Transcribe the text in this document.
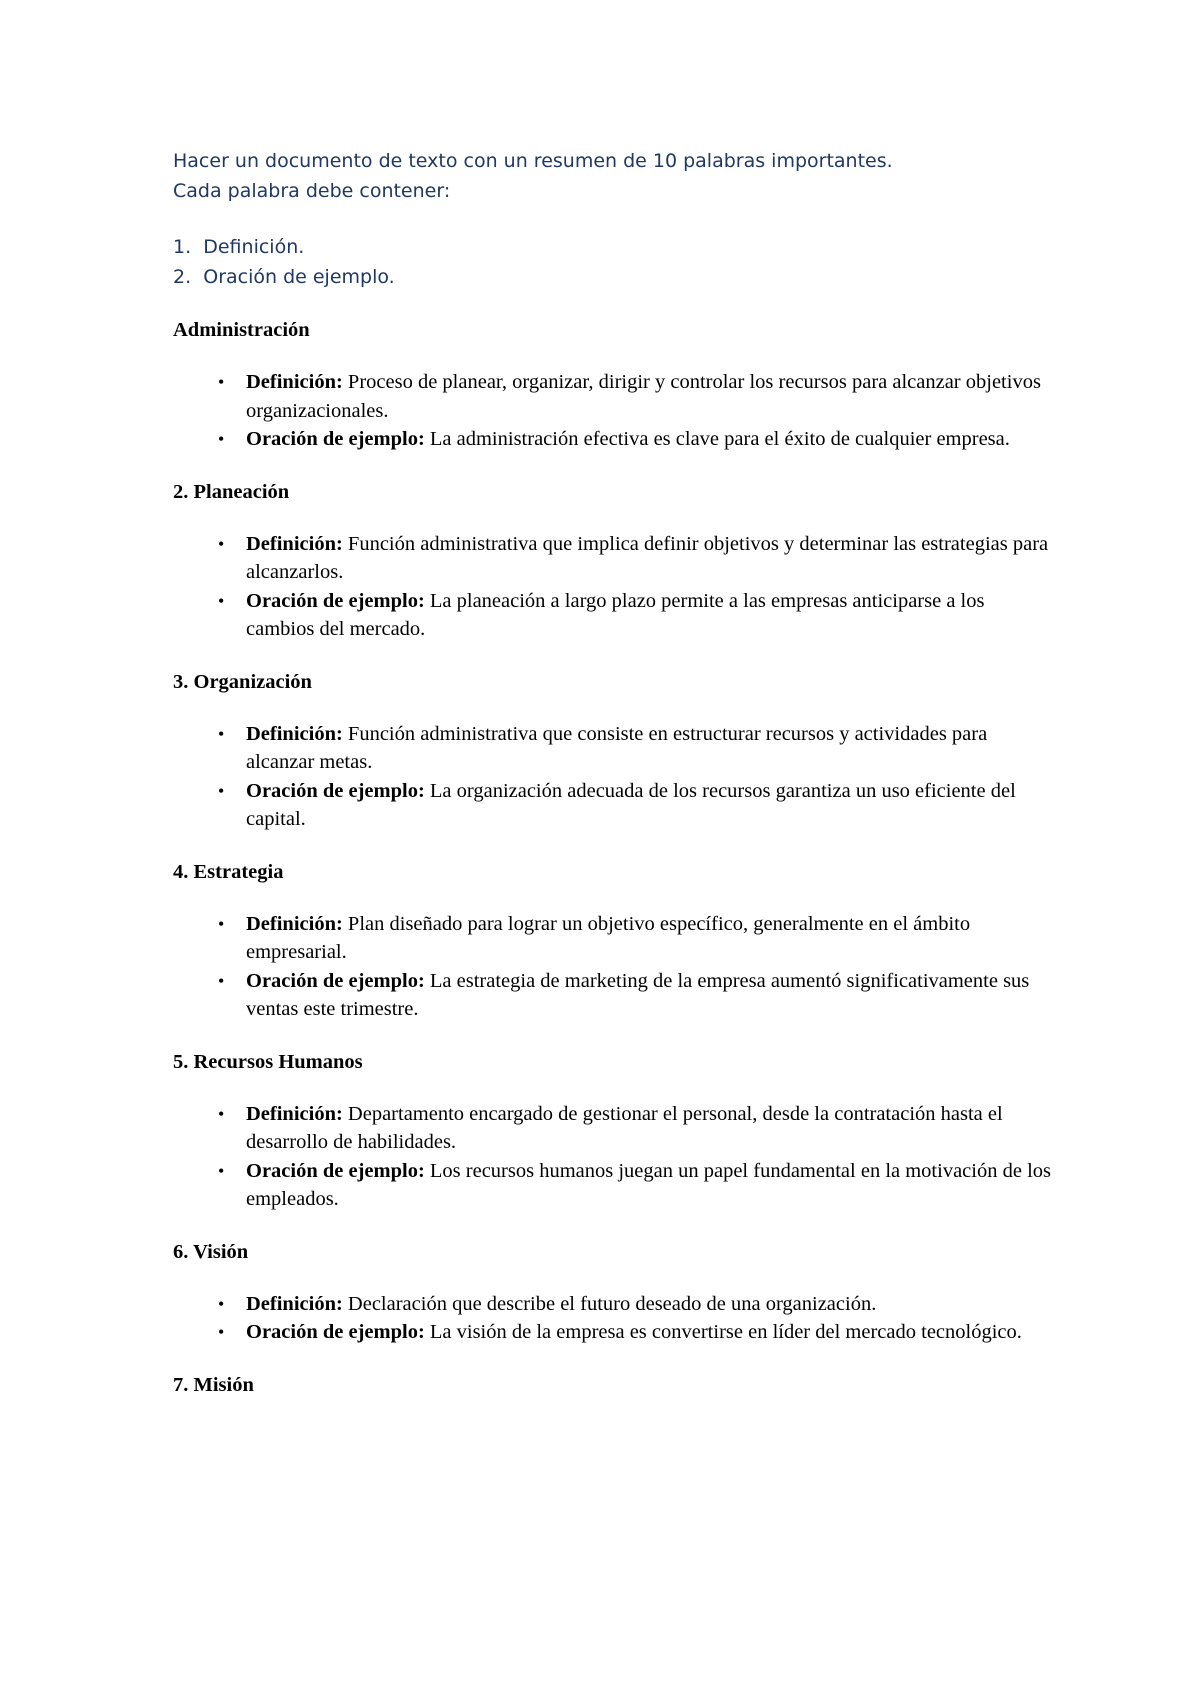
Hacer un documento de texto con un resumen de 10 palabras importantes.

Cada palabra debe contener:

1. Definición.
2. Oración de ejemplo.

Administración

• Definición: Proceso de planear, organizar, dirigir y controlar los recursos para alcanzar objetivos organizacionales.
• Oración de ejemplo: La administración efectiva es clave para el éxito de cualquier empresa.

2. Planeación

• Definición: Función administrativa que implica definir objetivos y determinar las estrategias para alcanzarlos.
• Oración de ejemplo: La planeación a largo plazo permite a las empresas anticiparse a los cambios del mercado.

3. Organización

• Definición: Función administrativa que consiste en estructurar recursos y actividades para alcanzar metas.
• Oración de ejemplo: La organización adecuada de los recursos garantiza un uso eficiente del capital.

4. Estrategia

• Definición: Plan diseñado para lograr un objetivo específico, generalmente en el ámbito empresarial.
• Oración de ejemplo: La estrategia de marketing de la empresa aumentó significativamente sus ventas este trimestre.

5. Recursos Humanos

• Definición: Departamento encargado de gestionar el personal, desde la contratación hasta el desarrollo de habilidades.
• Oración de ejemplo: Los recursos humanos juegan un papel fundamental en la motivación de los empleados.

6. Visión

• Definición: Declaración que describe el futuro deseado de una organización.
• Oración de ejemplo: La visión de la empresa es convertirse en líder del mercado tecnológico.

7. Misión
